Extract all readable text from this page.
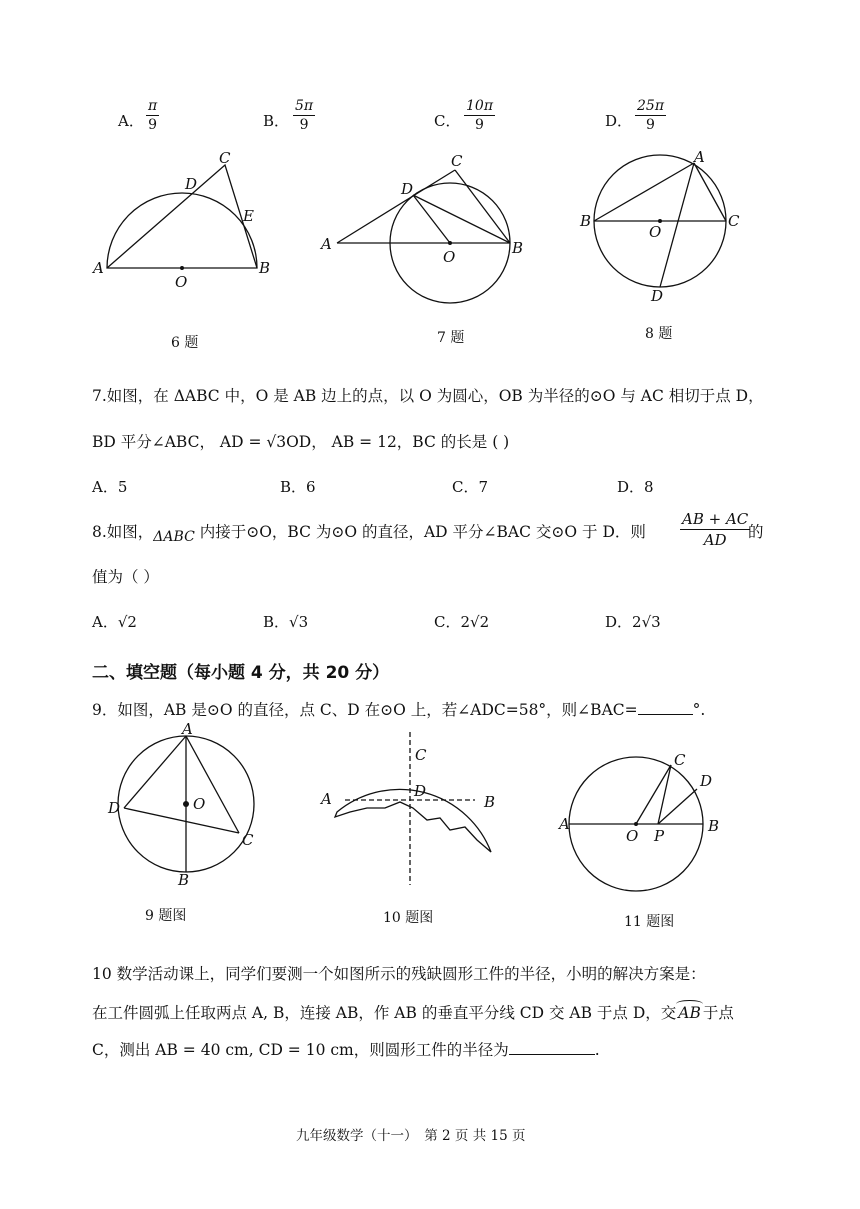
A．
π
9	B．
5π
9	C．
10π
9	D．
25π
9
A	B
C
D
E
O
6 题
A	B
C
D
O
7 题
B	C
A
D
O
8 题
7.如图，在 ΔABC 中，O 是 AB 边上的点，以 O 为圆心，OB 为半径的⊙O 与 AC 相切于点 D，
BD 平分∠ABC， AD = √3OD， AB = 12，BC 的长是 ( )
A．5	B．6	C．7	D．8
8.如图，ΔABC 内接于⊙O，BC 为⊙O 的直径，AD 平分∠BAC 交⊙O 于 D．则
AB + AC
AD	的
值为（ ）
A．√2	B．√3	C．2√2	D．2√3
二、填空题（每小题 4 分，共 20 分）
9．如图，AB 是⊙O 的直径，点 C、D 在⊙O 上，若∠ADC=58°，则∠BAC=	°.
A
B
C
D	O
9 题图
C
D
A	B
10 题图
A	B
C
D
O P
11 题图
10 数学活动课上，同学们要测一个如图所示的残缺圆形工件的半径，小明的解决方案是：
在工件圆弧上任取两点 A, B，连接 AB，作 AB 的垂直平分线 CD 交 AB 于点 D，交 AB 于点
C，测出 AB = 40 cm, CD = 10 cm，则圆形工件的半径为	.
九年级数学（十一）　第 2 页 共 15 页
